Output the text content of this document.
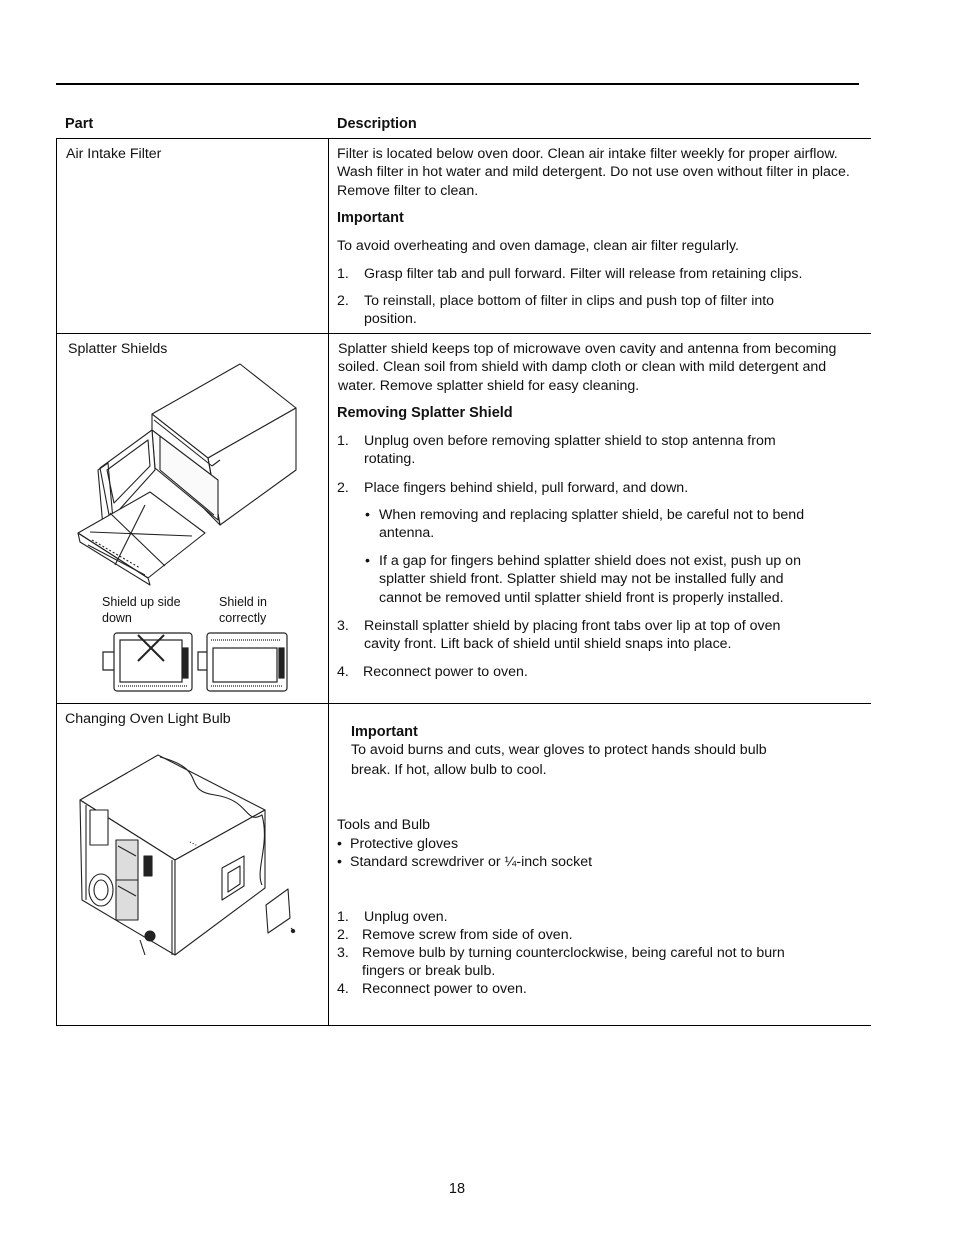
Part	Description
Air Intake Filter	Filter is located below oven door. Clean air intake filter weekly for proper airflow. Wash filter in hot water and mild detergent. Do not use oven without filter in place. Remove filter to clean.
Important
To avoid overheating and oven damage, clean air filter regularly.
1. Grasp filter tab and pull forward. Filter will release from retaining clips.
2. To reinstall, place bottom of filter in clips and push top of filter into position.
Splatter Shields	Splatter shield keeps top of microwave oven cavity and antenna from becoming soiled. Clean soil from shield with damp cloth or clean with mild detergent and water. Remove splatter shield for easy cleaning.
Removing Splatter Shield
1. Unplug oven before removing splatter shield to stop antenna from rotating.
2. Place fingers behind shield, pull forward, and down.
• When removing and replacing splatter shield, be careful not to bend antenna.
• If a gap for fingers behind splatter shield does not exist, push up on splatter shield front. Splatter shield may not be installed fully and cannot be removed until splatter shield front is properly installed.
3. Reinstall splatter shield by placing front tabs over lip at top of oven cavity front. Lift back of shield until shield snaps into place.
4. Reconnect power to oven.
Shield up side down
Shield in correctly
Changing Oven Light Bulb
Important
To avoid burns and cuts, wear gloves to protect hands should bulb break. If hot, allow bulb to cool.
Tools and Bulb
• Protective gloves
• Standard screwdriver or ¼-inch socket
1. Unplug oven.
2. Remove screw from side of oven.
3. Remove bulb by turning counterclockwise, being careful not to burn fingers or break bulb.
4. Reconnect power to oven.
18
